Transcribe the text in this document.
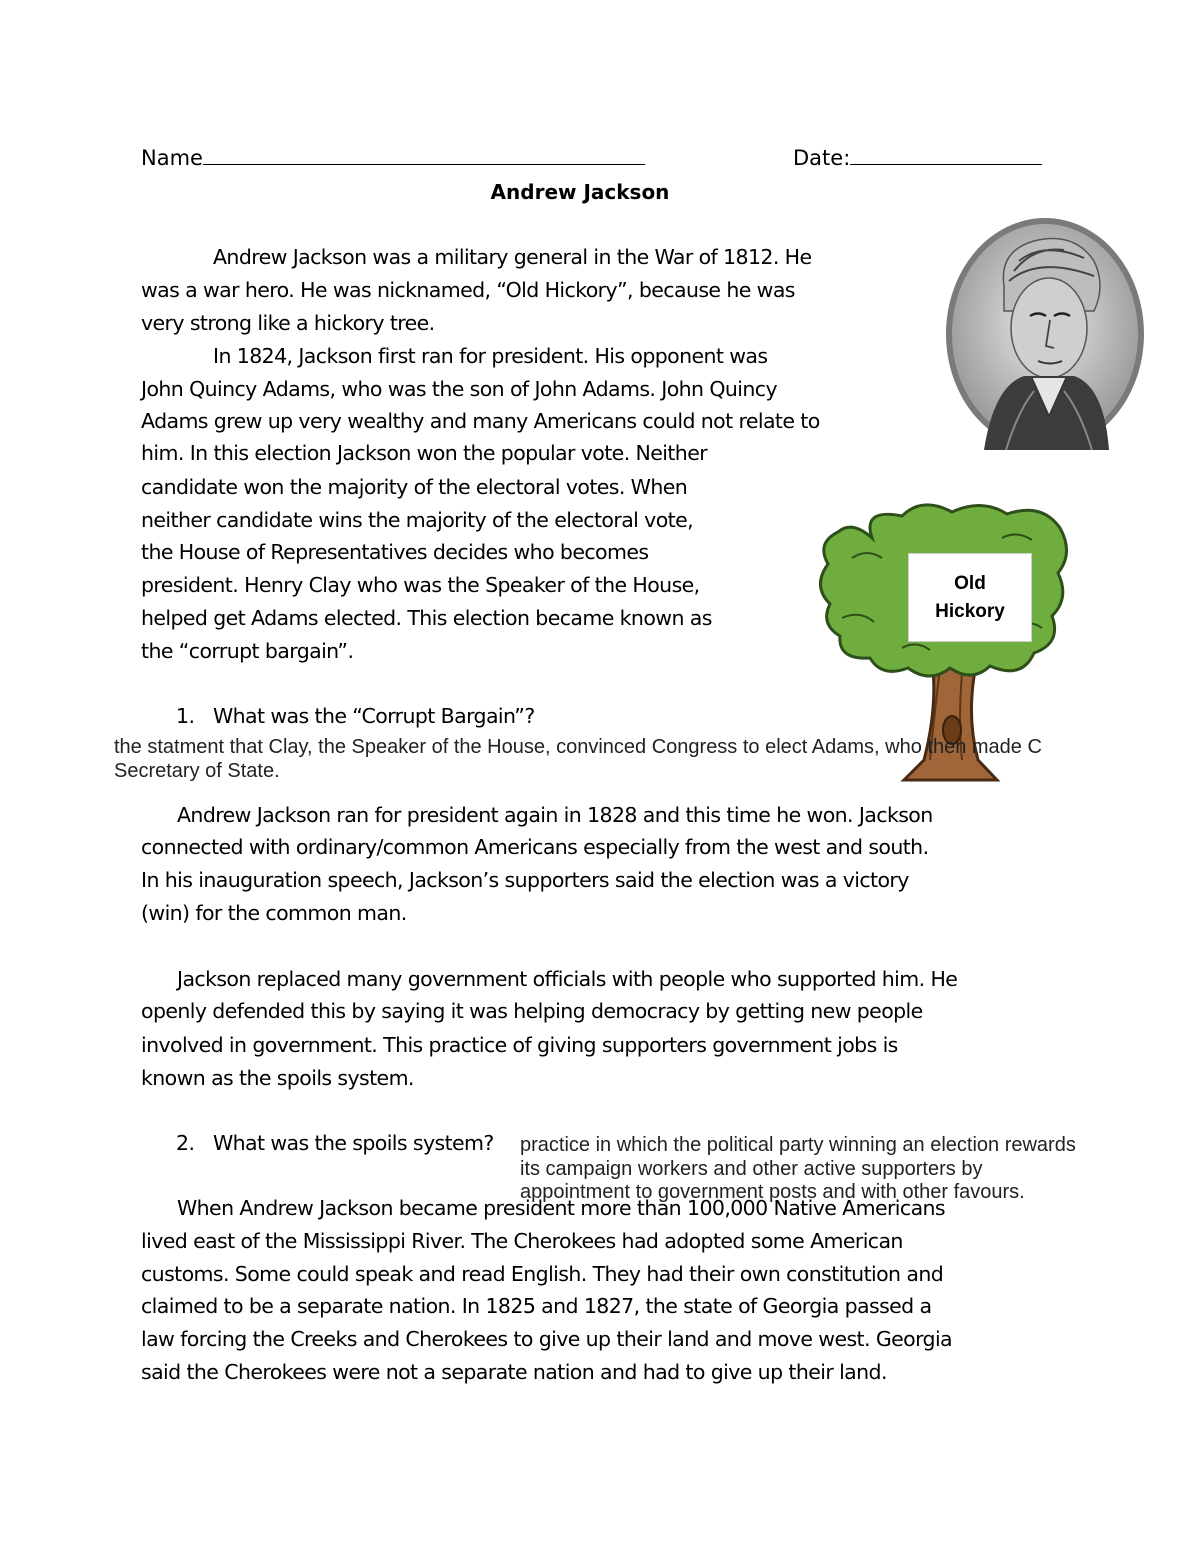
Name	Date:
Andrew Jackson
Old
Hickory
Andrew Jackson was a military general in the War of 1812. He
was a war hero. He was nicknamed, “Old Hickory”, because he was
very strong like a hickory tree.
In 1824, Jackson first ran for president. His opponent was
John Quincy Adams, who was the son of John Adams. John Quincy
Adams grew up very wealthy and many Americans could not relate to
him. In this election Jackson won the popular vote. Neither
candidate won the majority of the electoral votes. When
neither candidate wins the majority of the electoral vote,
the House of Representatives decides who becomes
president. Henry Clay who was the Speaker of the House,
helped get Adams elected. This election became known as
the “corrupt bargain”.
1. What was the “Corrupt Bargain”?
the statment that Clay, the Speaker of the House, convinced Congress to elect Adams, who then made C
Secretary of State.
Andrew Jackson ran for president again in 1828 and this time he won. Jackson
connected with ordinary/common Americans especially from the west and south.
In his inauguration speech, Jackson’s supporters said the election was a victory
(win) for the common man.
Jackson replaced many government officials with people who supported him. He
openly defended this by saying it was helping democracy by getting new people
involved in government. This practice of giving supporters government jobs is
known as the spoils system.
2. What was the spoils system?
When Andrew Jackson became president more than 100,000 Native Americans
lived east of the Mississippi River. The Cherokees had adopted some American
customs. Some could speak and read English. They had their own constitution and
claimed to be a separate nation. In 1825 and 1827, the state of Georgia passed a
law forcing the Creeks and Cherokees to give up their land and move west. Georgia
said the Cherokees were not a separate nation and had to give up their land.
practice in which the political party winning an election rewards
its campaign workers and other active supporters by
appointment to government posts and with other favours.
